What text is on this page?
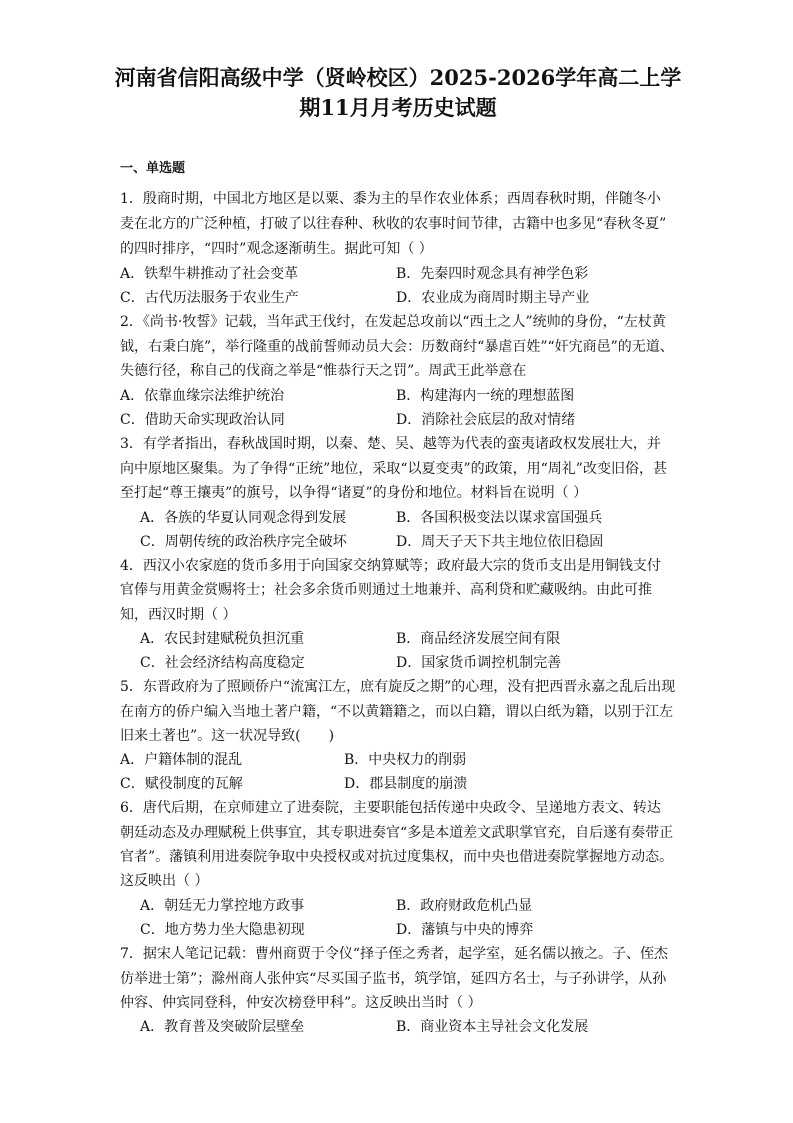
河南省信阳高级中学（贤岭校区）2025-2026学年高二上学
期11月月考历史试题
一、单选题
1．殷商时期，中国北方地区是以粟、黍为主的旱作农业体系；西周春秋时期，伴随冬小
麦在北方的广泛种植，打破了以往春种、秋收的农事时间节律，古籍中也多见“春秋冬夏”
的四时排序，“四时”观念逐渐萌生。据此可知（ ）
A．铁犁牛耕推动了社会变革	B．先秦四时观念具有神学色彩
C．古代历法服务于农业生产	D．农业成为商周时期主导产业
2．《尚书·牧誓》记载，当年武王伐纣，在发起总攻前以“西土之人”统帅的身份，“左杖黄
钺，右秉白旄”，举行隆重的战前誓师动员大会：历数商纣“暴虐百姓”“奸宄商邑”的无道、
失德行径，称自己的伐商之举是“惟恭行天之罚”。周武王此举意在
A．依靠血缘宗法维护统治	B．构建海内一统的理想蓝图
C．借助天命实现政治认同	D．消除社会底层的敌对情绪
3．有学者指出，春秋战国时期，以秦、楚、吴、越等为代表的蛮夷诸政权发展壮大，并
向中原地区聚集。为了争得“正统”地位，采取“以夏变夷”的政策，用“周礼”改变旧俗，甚
至打起“尊王攘夷”的旗号，以争得“诸夏”的身份和地位。材料旨在说明（ ）
A．各族的华夏认同观念得到发展	B．各国积极变法以谋求富国强兵
C．周朝传统的政治秩序完全破坏	D．周天子天下共主地位依旧稳固
4．西汉小农家庭的货币多用于向国家交纳算赋等；政府最大宗的货币支出是用铜钱支付
官俸与用黄金赏赐将士；社会多余货币则通过土地兼并、高利贷和贮藏吸纳。由此可推
知，西汉时期（ ）
A．农民封建赋税负担沉重	B．商品经济发展空间有限
C．社会经济结构高度稳定	D．国家货币调控机制完善
5．东晋政府为了照顾侨户“流寓江左，庶有旋反之期”的心理，没有把西晋永嘉之乱后出现
在南方的侨户编入当地土著户籍，“不以黄籍籍之，而以白籍，谓以白纸为籍，以别于江左
旧来土著也”。这一状况导致(　　)
A．户籍体制的混乱	B．中央权力的削弱
C．赋役制度的瓦解	D．郡县制度的崩溃
6．唐代后期，在京师建立了进奏院，主要职能包括传递中央政令、呈递地方表文、转达
朝廷动态及办理赋税上供事宜，其专职进奏官“多是本道差文武职掌官充，自后遂有奏带正
官者”。藩镇利用进奏院争取中央授权或对抗过度集权，而中央也借进奏院掌握地方动态。
这反映出（ ）
A．朝廷无力掌控地方政事	B．政府财政危机凸显
C．地方势力坐大隐患初现	D．藩镇与中央的博弈
7．据宋人笔记记载：曹州商贾于令仪“择子侄之秀者，起学室，延名儒以掖之。子、侄杰
仿举进士第”；滁州商人张仲宾“尽买国子监书，筑学馆，延四方名士，与子孙讲学，从孙
仲容、仲宾同登科，仲安次榜登甲科”。这反映出当时（ ）
A．教育普及突破阶层壁垒	B．商业资本主导社会文化发展
